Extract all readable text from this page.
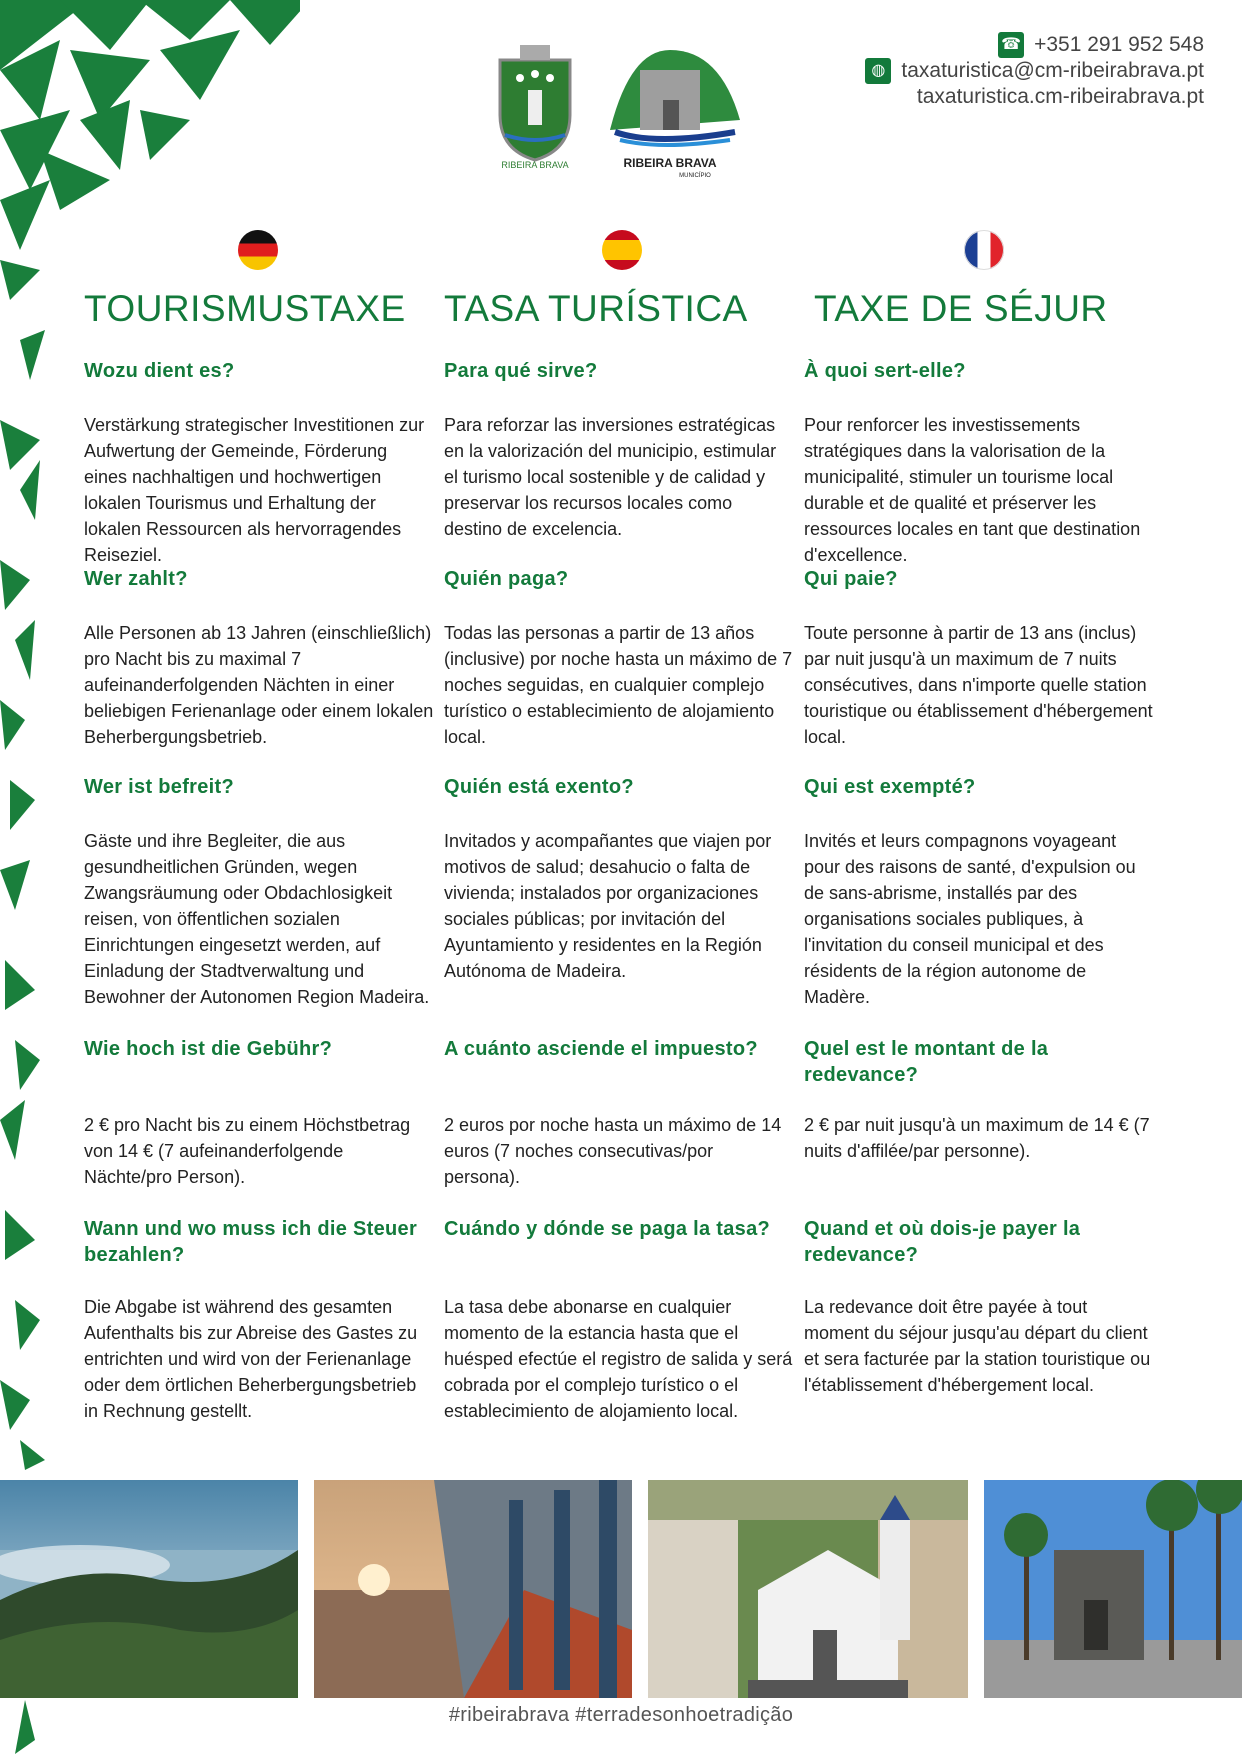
RIBEIRA BRAVA	RIBEIRA BRAVA
MUNICÍPIO
☎ +351 291 952 548
◍ taxaturistica@cm-ribeirabrava.pt
taxaturistica.cm-ribeirabrava.pt
TOURISMUSTAXE
Wozu dient es?

Verstärkung strategischer Investitionen zur Aufwertung der Gemeinde, Förderung eines nachhaltigen und hochwertigen lokalen Tourismus und Erhaltung der lokalen Ressourcen als hervorragendes Reiseziel.

Wer zahlt?

Alle Personen ab 13 Jahren (einschließlich) pro Nacht bis zu maximal 7 aufeinanderfolgenden Nächten in einer beliebigen Ferienanlage oder einem lokalen Beherbergungsbetrieb.

Wer ist befreit?

Gäste und ihre Begleiter, die aus gesundheitlichen Gründen, wegen Zwangsräumung oder Obdachlosigkeit reisen, von öffentlichen sozialen Einrichtungen eingesetzt werden, auf Einladung der Stadtverwaltung und Bewohner der Autonomen Region Madeira.

Wie hoch ist die Gebühr?

2 € pro Nacht bis zu einem Höchstbetrag von 14 € (7 aufeinanderfolgende Nächte/pro Person).

Wann und wo muss ich die Steuer bezahlen?

Die Abgabe ist während des gesamten Aufenthalts bis zur Abreise des Gastes zu entrichten und wird von der Ferienanlage oder dem örtlichen Beherbergungsbetrieb in Rechnung gestellt.

TASA TURÍSTICA
Para qué sirve?

Para reforzar las inversiones estratégicas en la valorización del municipio, estimular el turismo local sostenible y de calidad y preservar los recursos locales como destino de excelencia.

Quién paga?

Todas las personas a partir de 13 años (inclusive) por noche hasta un máximo de 7 noches seguidas, en cualquier complejo turístico o establecimiento de alojamiento local.

Quién está exento?

Invitados y acompañantes que viajen por motivos de salud; desahucio o falta de vivienda; instalados por organizaciones sociales públicas; por invitación del Ayuntamiento y residentes en la Región Autónoma de Madeira.

A cuánto asciende el impuesto?

2 euros por noche hasta un máximo de 14 euros (7 noches consecutivas/por persona).

Cuándo y dónde se paga la tasa?

La tasa debe abonarse en cualquier momento de la estancia hasta que el huésped efectúe el registro de salida y será cobrada por el complejo turístico o el establecimiento de alojamiento local.

TAXE DE SÉJUR
À quoi sert-elle?

Pour renforcer les investissements stratégiques dans la valorisation de la municipalité, stimuler un tourisme local durable et de qualité et préserver les ressources locales en tant que destination d'excellence.

Qui paie?

Toute personne à partir de 13 ans (inclus) par nuit jusqu'à un maximum de 7 nuits consécutives, dans n'importe quelle station touristique ou établissement d'hébergement local.

Qui est exempté?

Invités et leurs compagnons voyageant pour des raisons de santé, d'expulsion ou de sans-abrisme, installés par des organisations sociales publiques, à l'invitation du conseil municipal et des résidents de la région autonome de Madère.

Quel est le montant de la redevance?

2 € par nuit jusqu'à un maximum de 14 € (7 nuits d'affilée/par personne).

Quand et où dois-je payer la redevance?

La redevance doit être payée à tout moment du séjour jusqu'au départ du client et sera facturée par la station touristique ou l'établissement d'hébergement local.

#ribeirabrava #terradesonhoetradição
